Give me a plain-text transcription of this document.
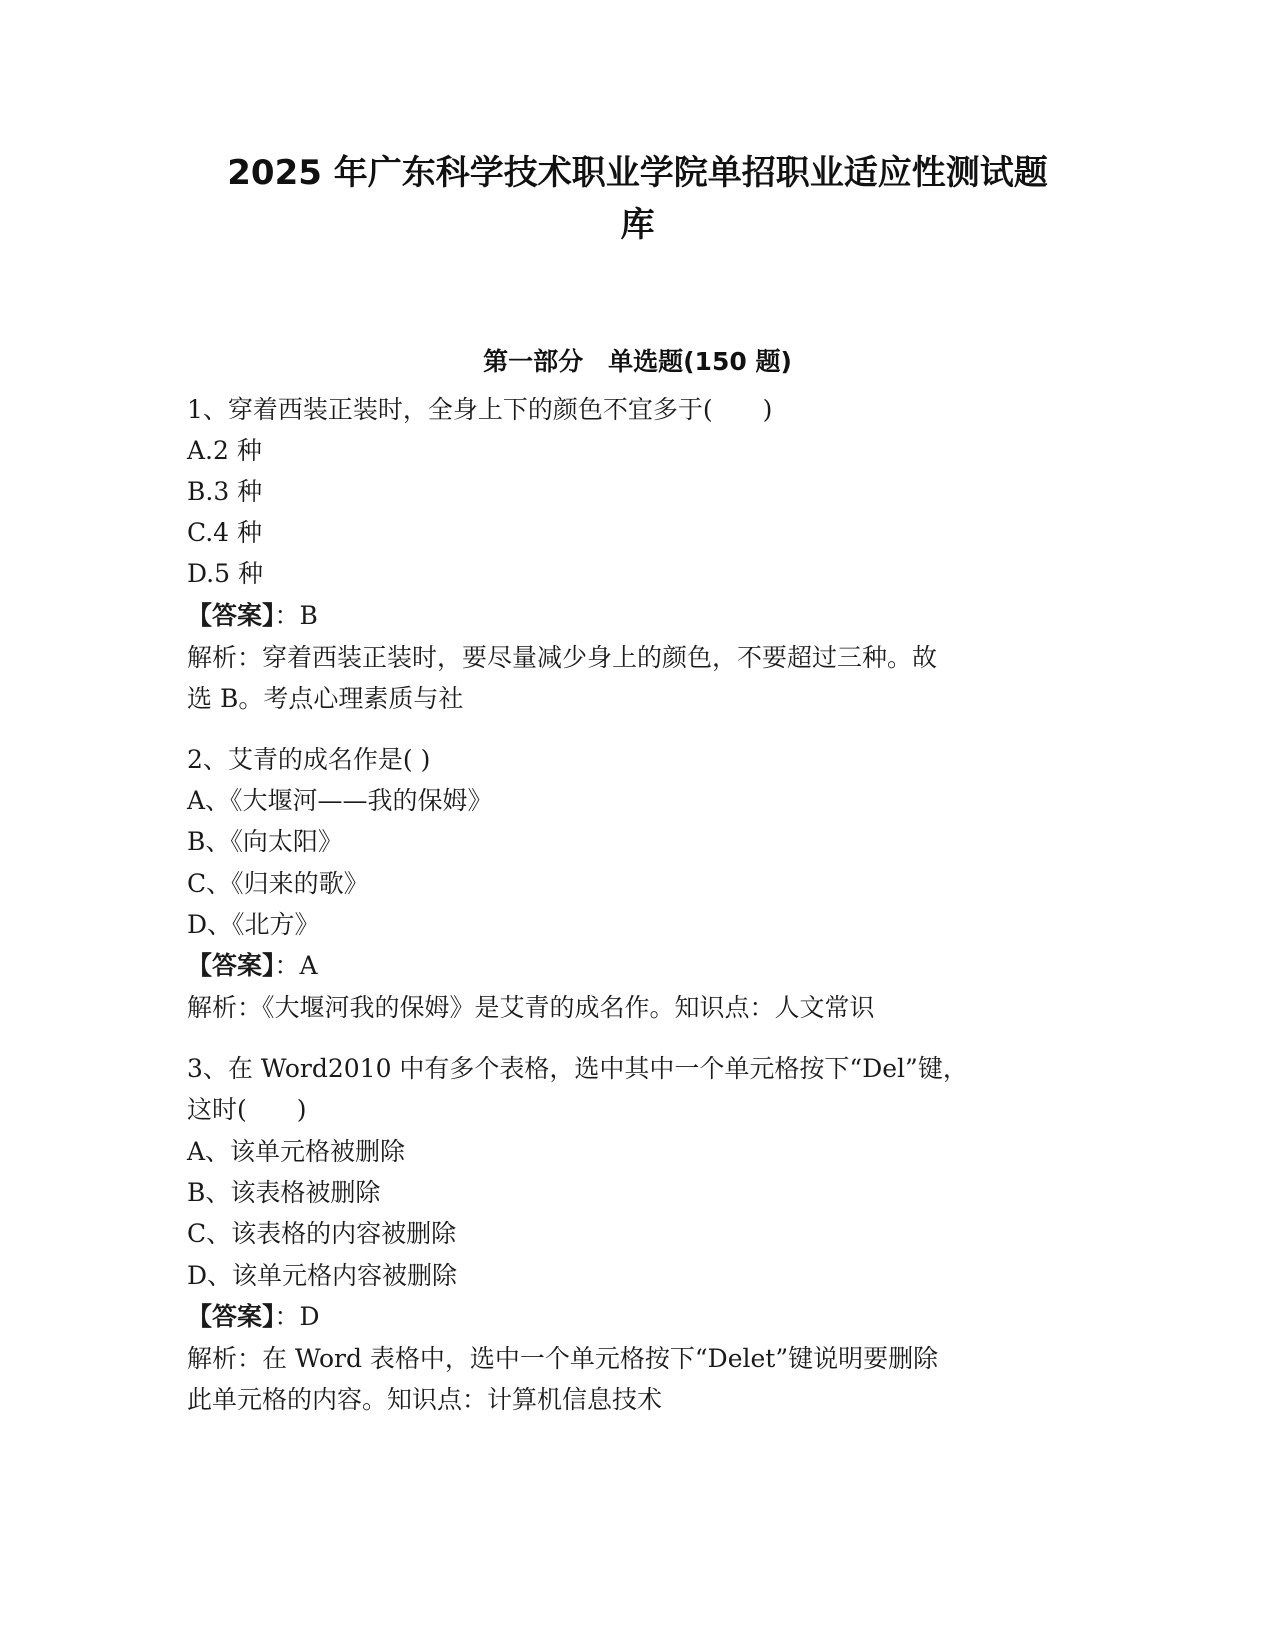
2025 年广东科学技术职业学院单招职业适应性测试题
库
第一部分　单选题(150 题)
1、穿着西装正装时，全身上下的颜色不宜多于(　　)
A.2 种
B.3 种
C.4 种
D.5 种
【答案】：B
解析：穿着西装正装时，要尽量减少身上的颜色，不要超过三种。故
选 B。考点心理素质与社
2、艾青的成名作是( )
A、《大堰河——我的保姆》
B、《向太阳》
C、《归来的歌》
D、《北方》
【答案】：A
解析：《大堰河我的保姆》是艾青的成名作。知识点：人文常识
3、在 Word2010 中有多个表格，选中其中一个单元格按下“Del”键，
这时(　　)
A、该单元格被删除
B、该表格被删除
C、该表格的内容被删除
D、该单元格内容被删除
【答案】：D
解析：在 Word 表格中，选中一个单元格按下“Delet”键说明要删除
此单元格的内容。知识点：计算机信息技术
